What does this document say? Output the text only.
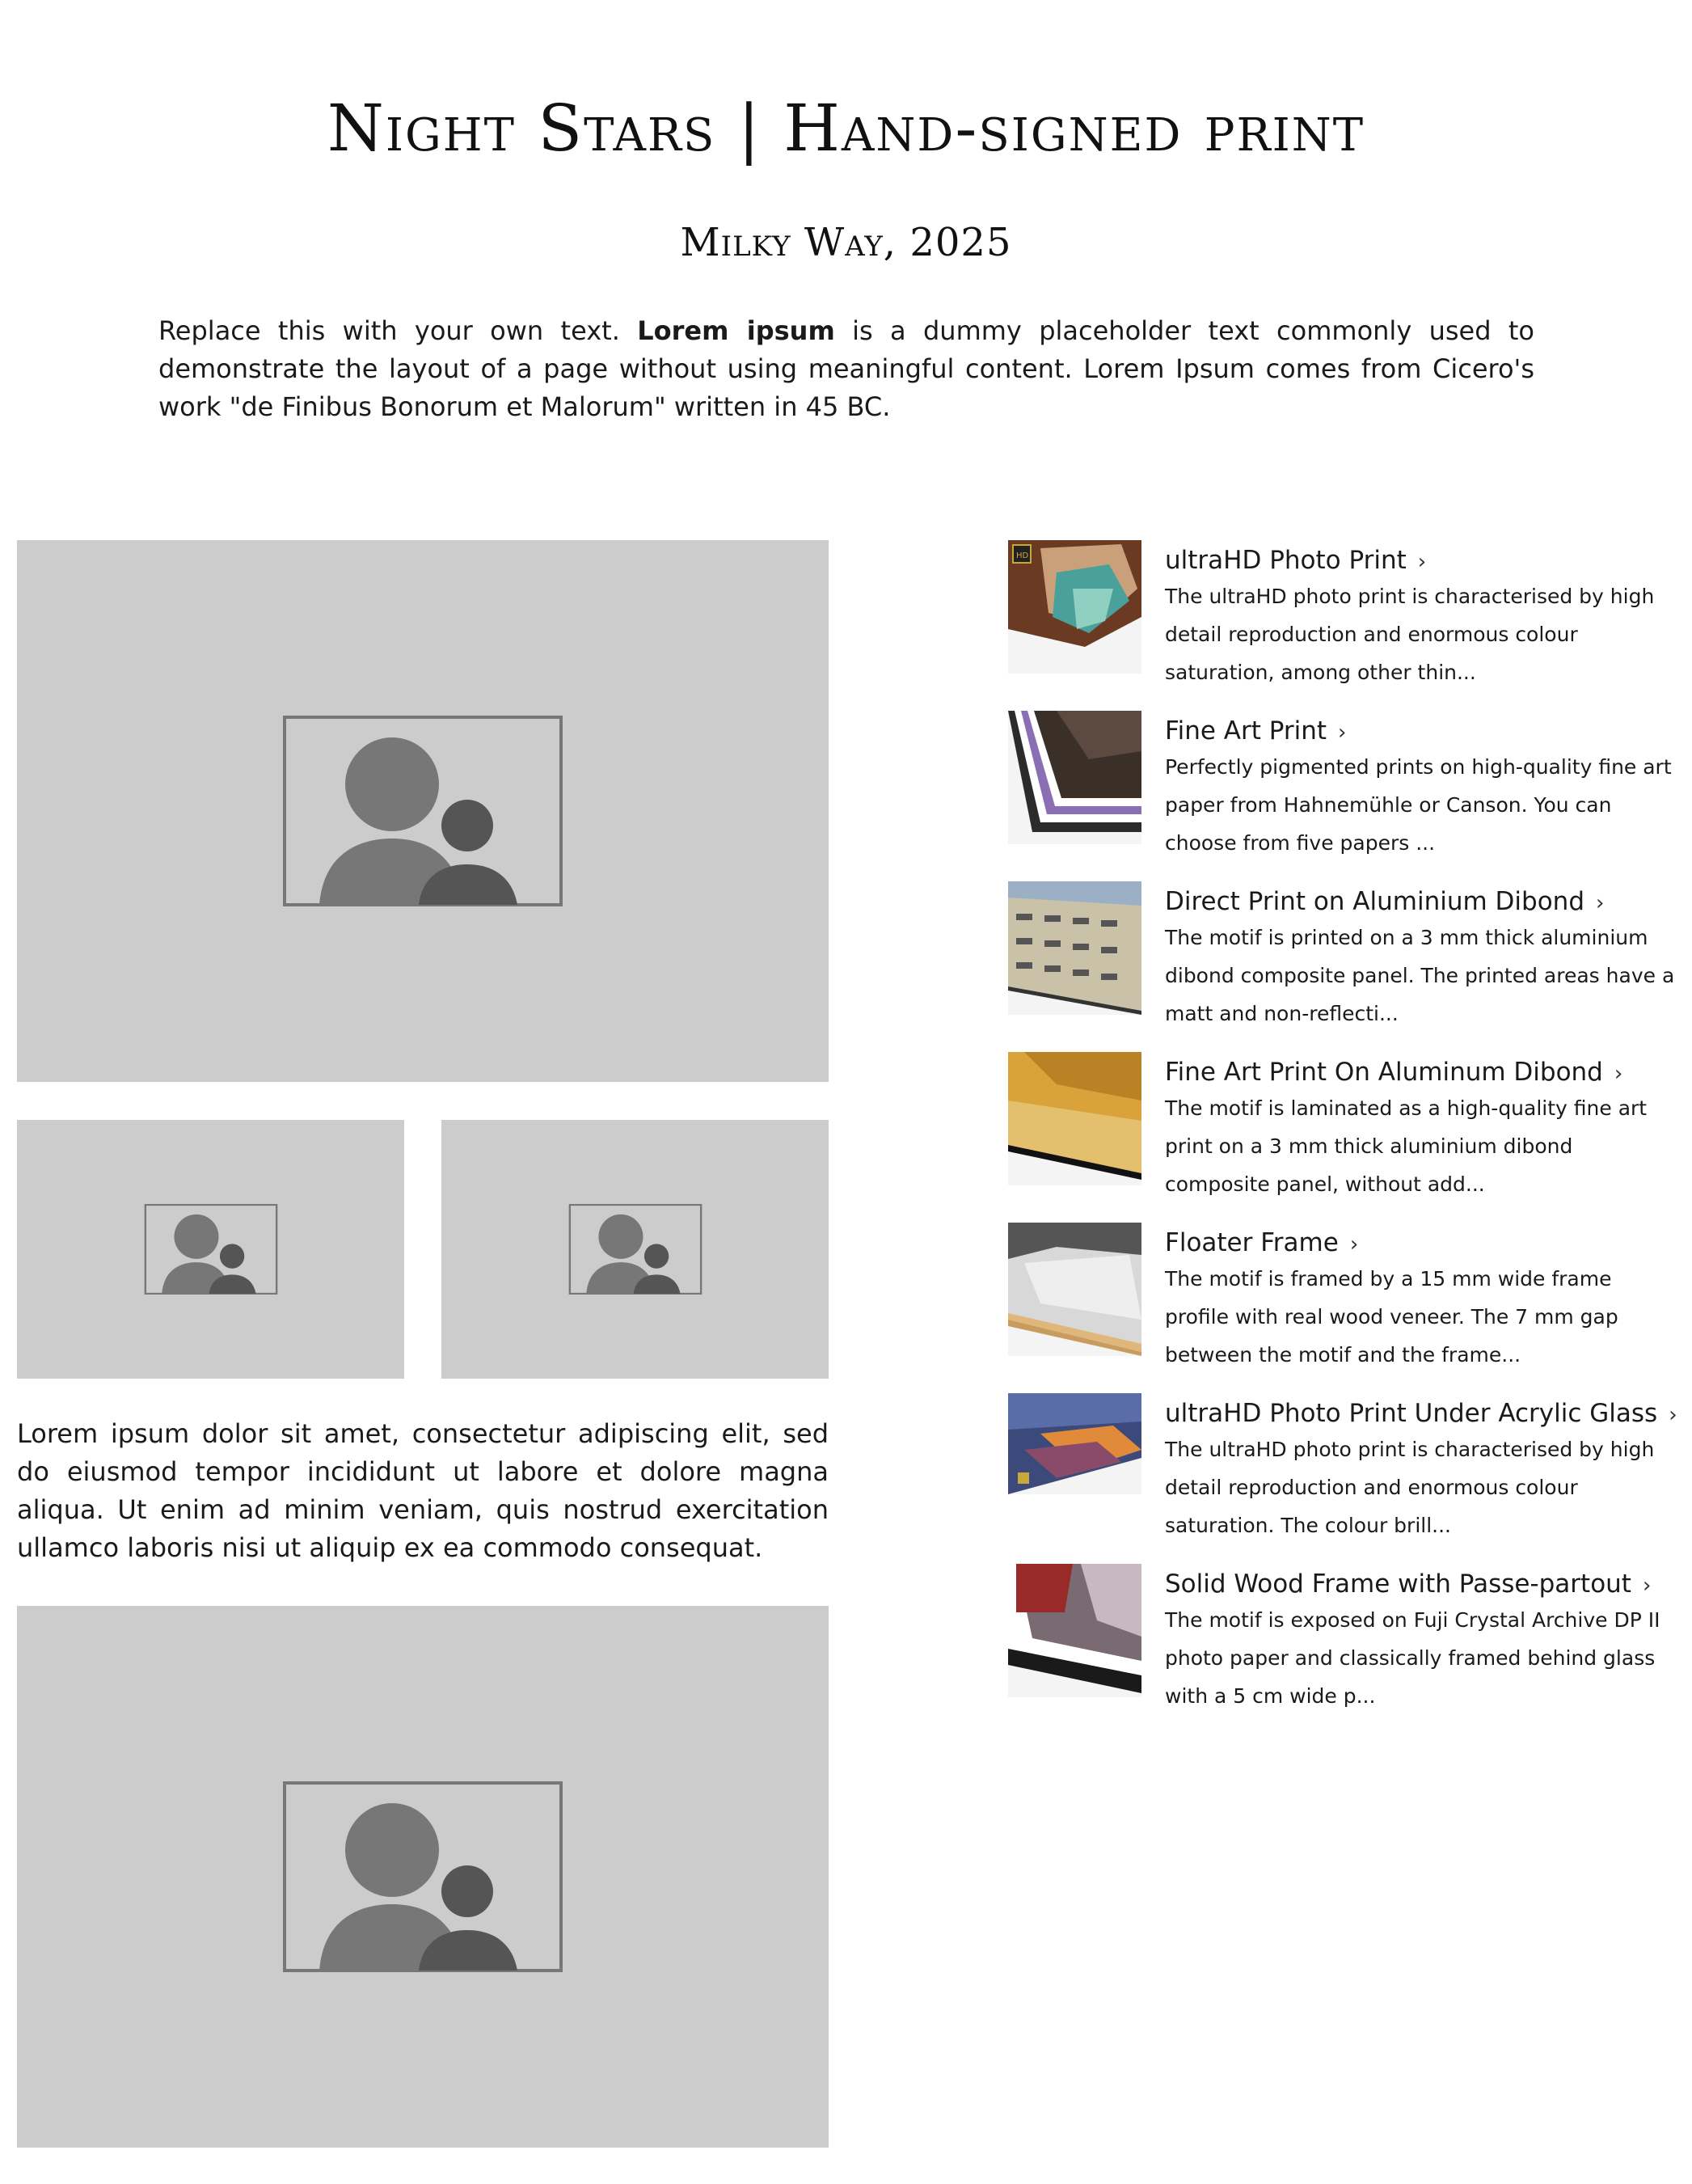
Night Stars | Hand-signed print
Milky Way, 2025

Replace this with your own text. Lorem ipsum is a dummy placeholder text commonly used to demonstrate the layout of a page without using meaningful content. Lorem Ipsum comes from Cicero's work "de Finibus Bonorum et Malorum" written in 45 BC.

Lorem ipsum dolor sit amet, consectetur adipiscing elit, sed do eiusmod tempor incididunt ut labore et dolore magna aliqua. Ut enim ad minim veniam, quis nostrud exercitation ullamco laboris nisi ut aliquip ex ea commodo consequat.

HD	ultraHD Photo Print ›
The ultraHD photo print is characterised by high detail reproduction and enormous colour saturation, among other thin...
Fine Art Print ›
Perfectly pigmented prints on high-quality fine art paper from Hahnemühle or Canson. You can choose from five papers ...
Direct Print on Aluminium Dibond ›
The motif is printed on a 3 mm thick aluminium dibond composite panel. The printed areas have a matt and non-reflecti...
Fine Art Print On Aluminum Dibond ›
The motif is laminated as a high-quality fine art print on a 3 mm thick aluminium dibond composite panel, without add...
Floater Frame ›
The motif is framed by a 15 mm wide frame profile with real wood veneer. The 7 mm gap between the motif and the frame...
ultraHD Photo Print Under Acrylic Glass ›
The ultraHD photo print is characterised by high detail reproduction and enormous colour saturation. The colour brill...
Solid Wood Frame with Passe-partout ›
The motif is exposed on Fuji Crystal Archive DP II photo paper and classically framed behind glass with a 5 cm wide p...
